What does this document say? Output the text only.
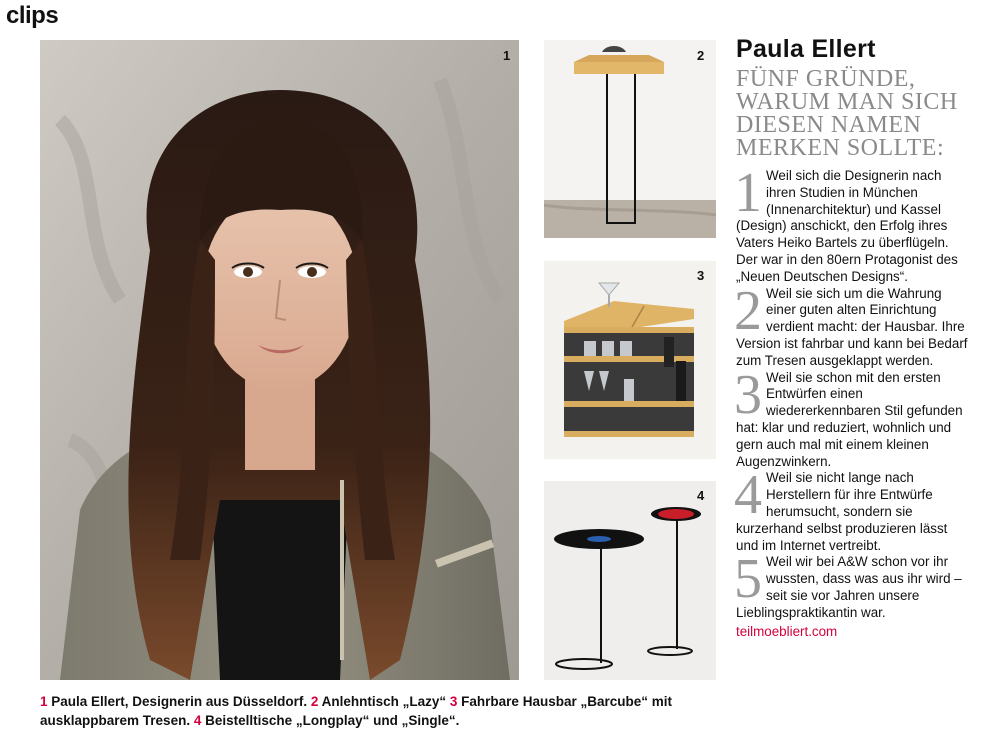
clips
1	2
3
4
1 Paula Ellert, Designerin aus Düsseldorf. 2 Anlehntisch „Lazy“ 3 Fahrbare Hausbar „Barcube“ mit ausklappbarem Tresen. 4 Beistelltische „Longplay“ und „Single“.
Paula Ellert
FÜNF GRÜNDE, WARUM MAN SICH DIESEN NAMEN MERKEN SOLLTE:
1 Weil sich die Designerin nach ihren Studien in München (Innenarchitektur) und Kassel (Design) anschickt, den Erfolg ihres Vaters Heiko Bartels zu überflügeln. Der war in den 80ern Protagonist des „Neuen Deutschen Designs“.
2 Weil sie sich um die Wahrung einer guten alten Einrichtung verdient macht: der Hausbar. Ihre Version ist fahrbar und kann bei Bedarf zum Tresen ausgeklappt werden.
3 Weil sie schon mit den ersten Entwürfen einen wiedererkennbaren Stil gefunden hat: klar und reduziert, wohnlich und gern auch mal mit einem kleinen Augenzwinkern.
4 Weil sie nicht lange nach Herstellern für ihre Entwürfe herumsucht, sondern sie kurzerhand selbst produzieren lässt und im Internet vertreibt.
5 Weil wir bei A&W schon vor ihr wussten, dass was aus ihr wird – seit sie vor Jahren unsere Lieblingspraktikantin war.
teilmoebliert.com
